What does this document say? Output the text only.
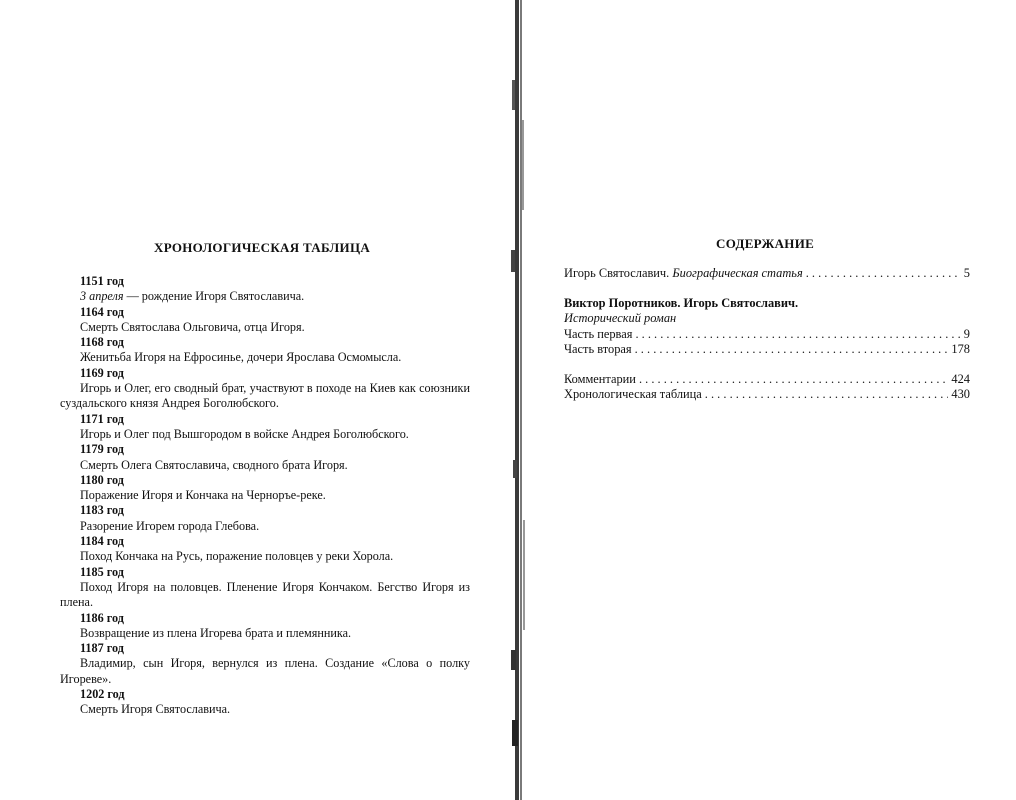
ХРОНОЛОГИЧЕСКАЯ ТАБЛИЦА
1151 год
3 апреля — рождение Игоря Святославича.
1164 год
Смерть Святослава Ольговича, отца Игоря.
1168 год
Женитьба Игоря на Ефросинье, дочери Ярослава Осмомысла.
1169 год
Игорь и Олег, его сводный брат, участвуют в походе на Киев как союзники суздальского князя Андрея Боголюбского.
1171 год
Игорь и Олег под Вышгородом в войске Андрея Боголюбского.
1179 год
Смерть Олега Святославича, сводного брата Игоря.
1180 год
Поражение Игоря и Кончака на Черноръе-реке.
1183 год
Разорение Игорем города Глебова.
1184 год
Поход Кончака на Русь, поражение половцев у реки Хорола.
1185 год
Поход Игоря на половцев. Пленение Игоря Кончаком. Бегство Игоря из плена.
1186 год
Возвращение из плена Игорева брата и племянника.
1187 год
Владимир, сын Игоря, вернулся из плена. Создание «Слова о полку Игореве».
1202 год
Смерть Игоря Святославича.
СОДЕРЖАНИЕ
Игорь Святославич. Биографическая статья . . .	5
Виктор Поротников. Игорь Святославич.
Исторический роман
Часть первая . . .	9
Часть вторая . . .	178
Комментарии . . .	424
Хронологическая таблица . . .	430
